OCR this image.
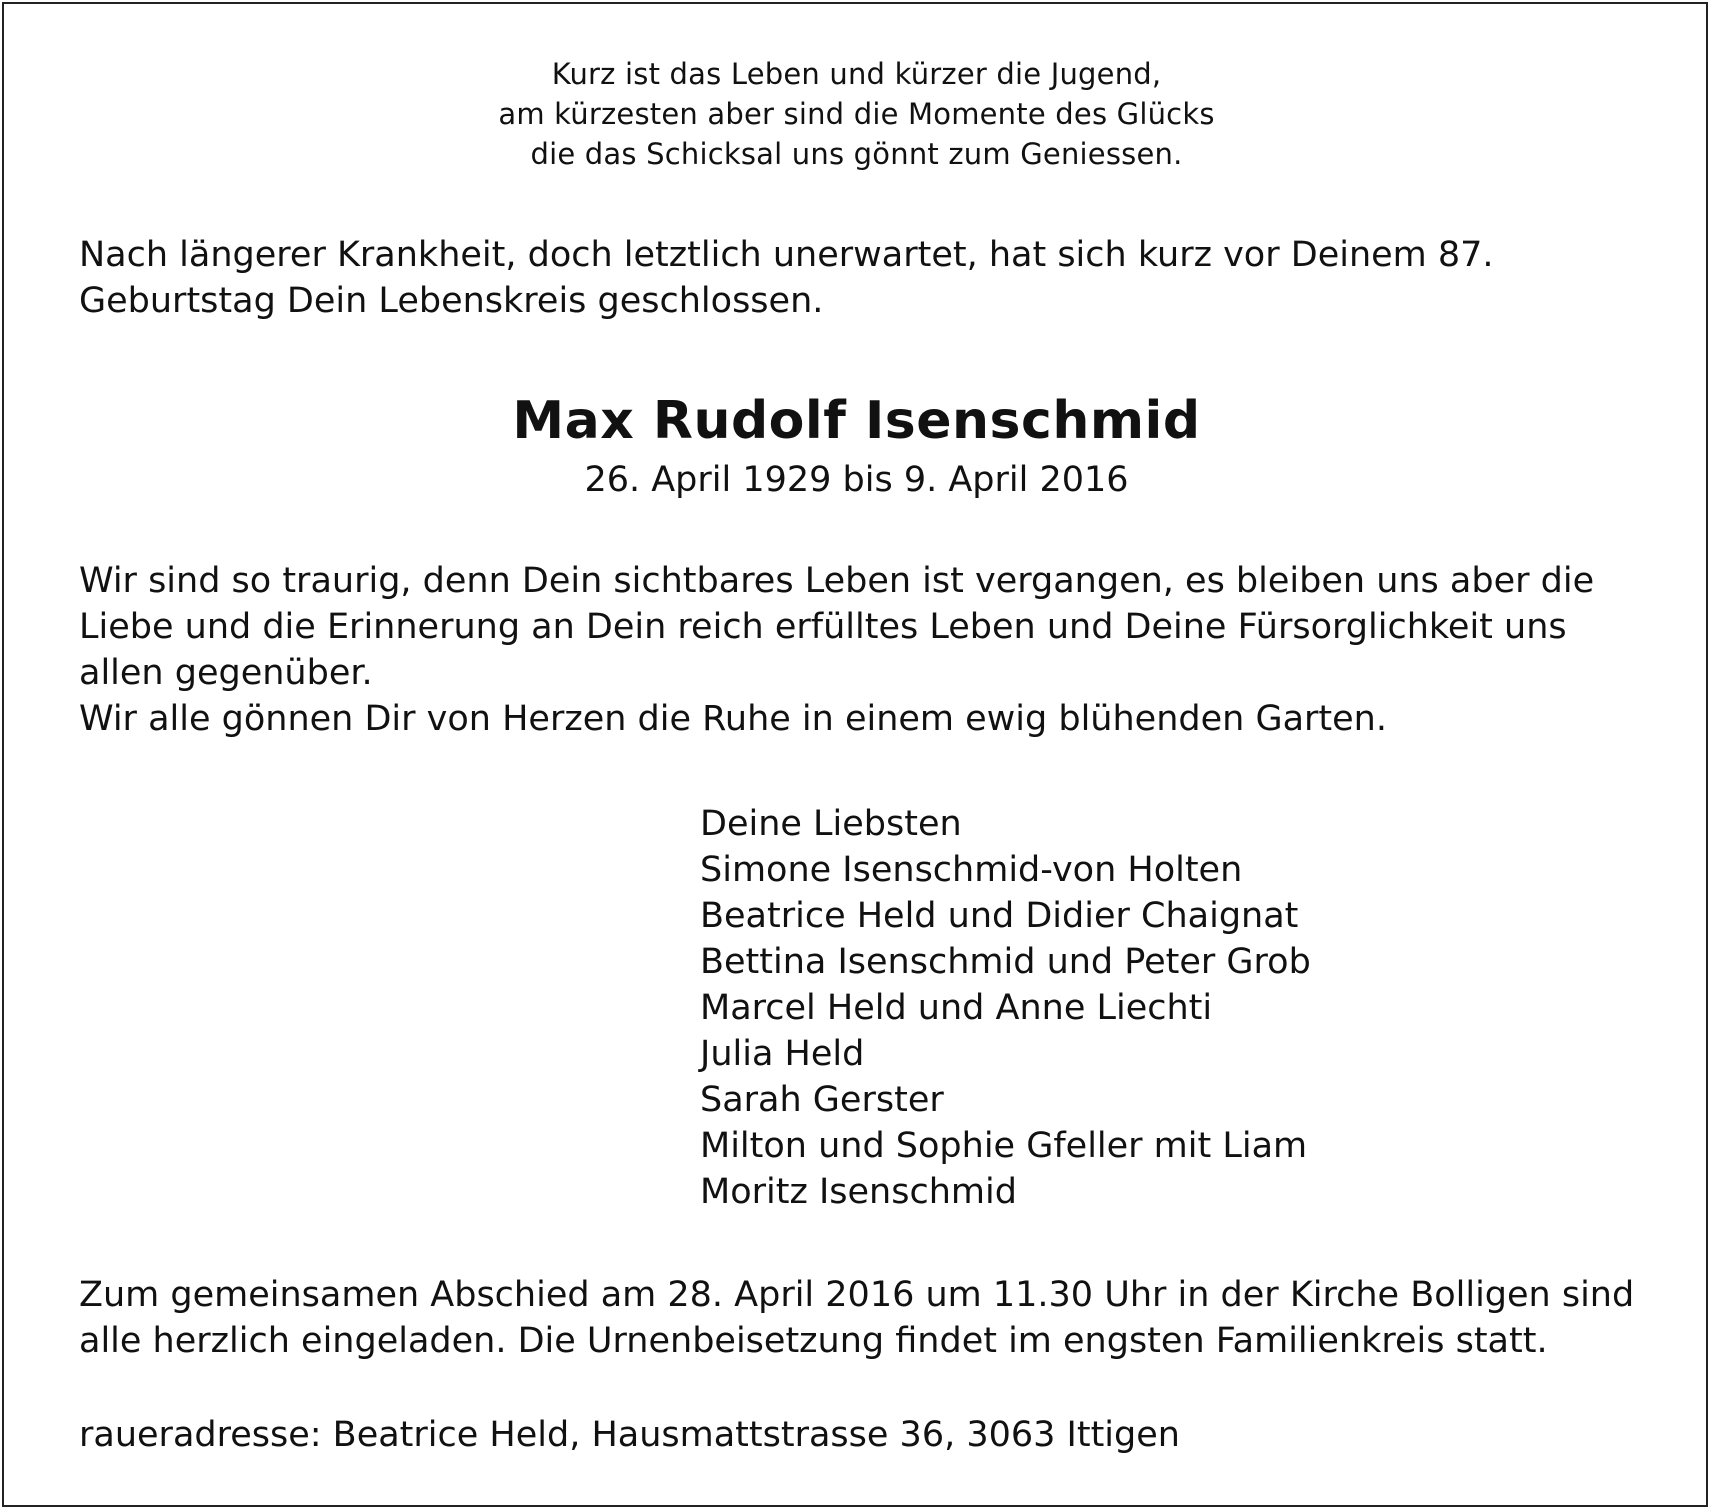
Kurz ist das Leben und kürzer die Jugend,
am kürzesten aber sind die Momente des Glücks
die das Schicksal uns gönnt zum Geniessen.
Nach längerer Krankheit, doch letztlich unerwartet, hat sich kurz vor Deinem 87.
Geburtstag Dein Lebenskreis geschlossen.
Max Rudolf Isenschmid
26. April 1929 bis 9. April 2016
Wir sind so traurig, denn Dein sichtbares Leben ist vergangen, es bleiben uns aber die
Liebe und die Erinnerung an Dein reich erfülltes Leben und Deine Fürsorglichkeit uns
allen gegenüber.
Wir alle gönnen Dir von Herzen die Ruhe in einem ewig blühenden Garten.
Deine Liebsten
Simone Isenschmid-von Holten
Beatrice Held und Didier Chaignat
Bettina Isenschmid und Peter Grob
Marcel Held und Anne Liechti
Julia Held
Sarah Gerster
Milton und Sophie Gfeller mit Liam
Moritz Isenschmid
Zum gemeinsamen Abschied am 28. April 2016 um 11.30 Uhr in der Kirche Bolligen sind
alle herzlich eingeladen. Die Urnenbeisetzung findet im engsten Familienkreis statt.
raueradresse: Beatrice Held, Hausmattstrasse 36, 3063 Ittigen
